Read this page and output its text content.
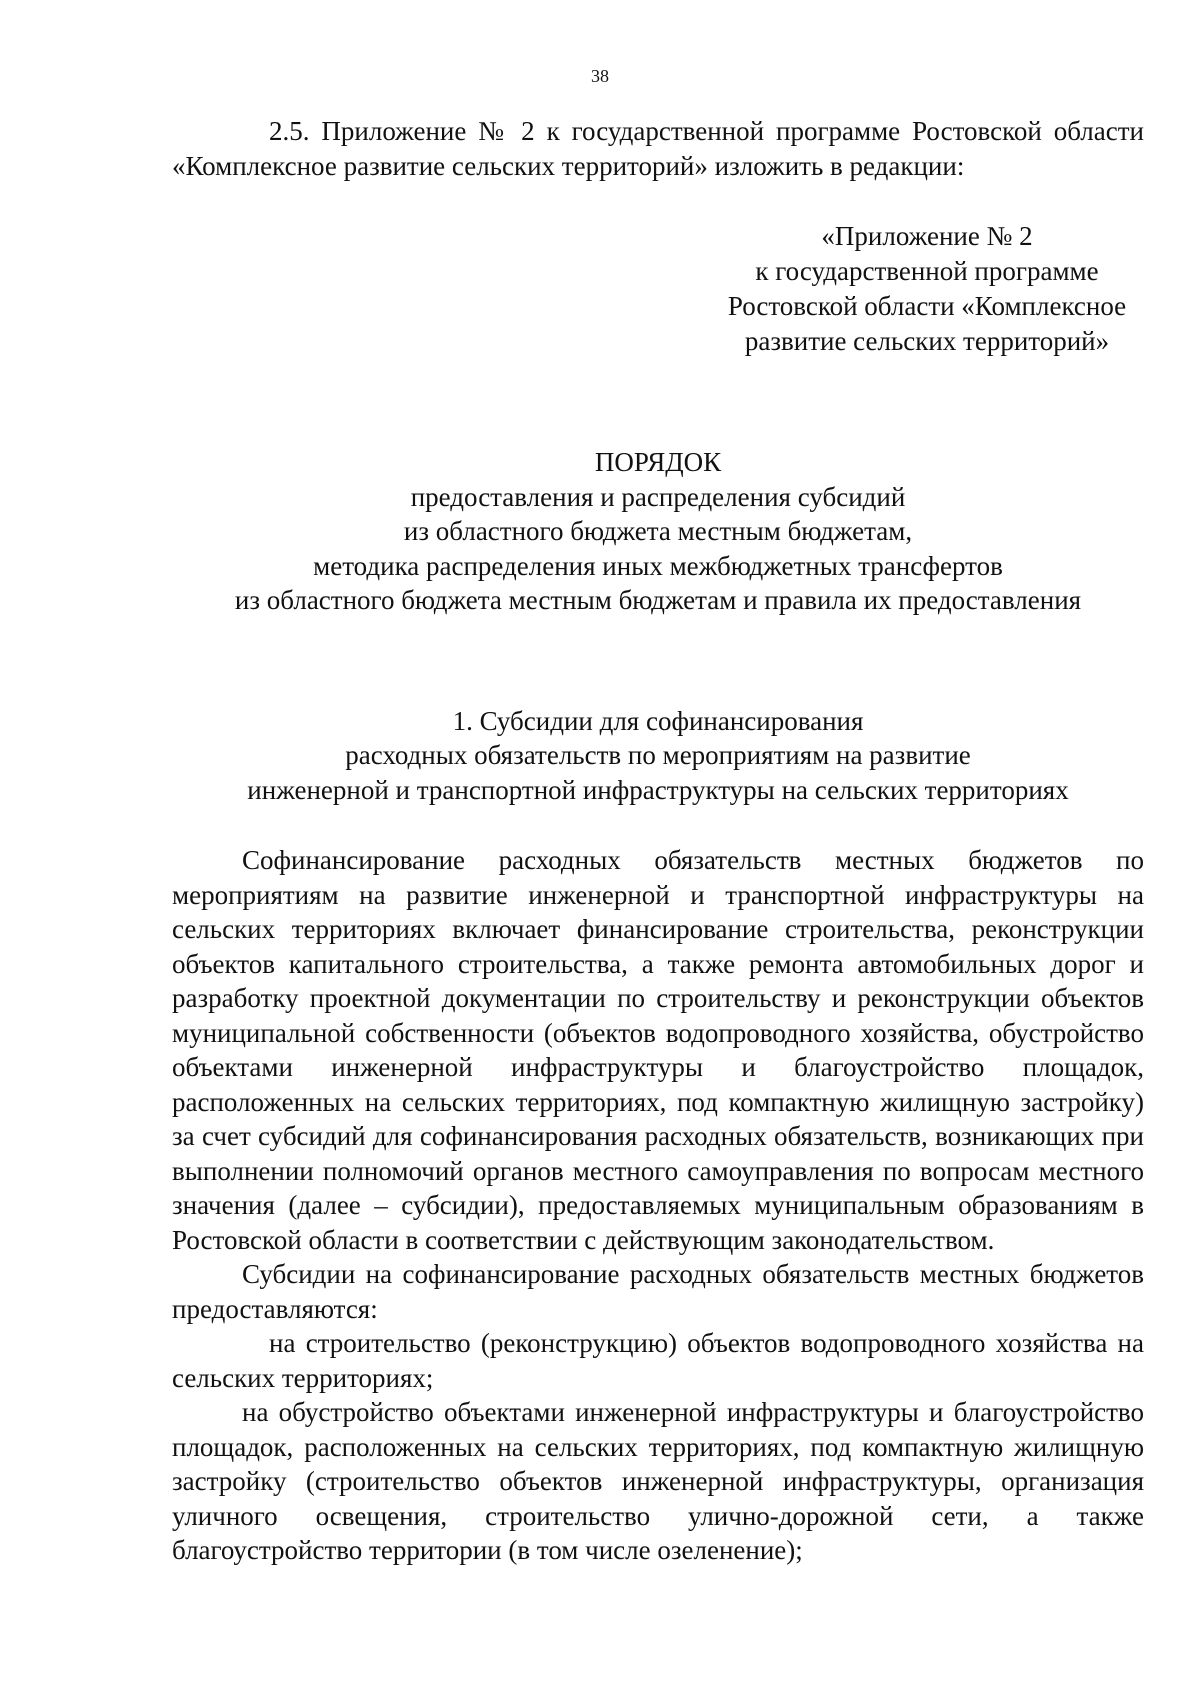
38

2.5. Приложение № 2 к государственной программе Ростовской области «Комплексное развитие сельских территорий» изложить в редакции:

«Приложение № 2
к государственной программе
Ростовской области «Комплексное
развитие сельских территорий»
ПОРЯДОК
предоставления и распределения субсидий
из областного бюджета местным бюджетам,
методика распределения иных межбюджетных трансфертов
из областного бюджета местным бюджетам и правила их предоставления
1. Субсидии для софинансирования
расходных обязательств по мероприятиям на развитие
инженерной и транспортной инфраструктуры на сельских территориях

Софинансирование расходных обязательств местных бюджетов по мероприятиям на развитие инженерной и транспортной инфраструктуры на сельских территориях включает финансирование строительства, реконструкции объектов капитального строительства, а также ремонта автомобильных дорог и разработку проектной документации по строительству и реконструкции объектов муниципальной собственности (объектов водопроводного хозяйства, обустройство объектами инженерной инфраструктуры и благоустройство площадок, расположенных на сельских территориях, под компактную жилищную застройку) за счет субсидий для софинансирования расходных обязательств, возникающих при выполнении полномочий органов местного самоуправления по вопросам местного значения (далее – субсидии), предоставляемых муниципальным образованиям в Ростовской области в соответствии с действующим законодательством.

Субсидии на софинансирование расходных обязательств местных бюджетов предоставляются:

на строительство (реконструкцию) объектов водопроводного хозяйства на сельских территориях;

на обустройство объектами инженерной инфраструктуры и благоустройство площадок, расположенных на сельских территориях, под компактную жилищную застройку (строительство объектов инженерной инфраструктуры, организация уличного освещения, строительство улично-дорожной сети, а также благоустройство территории (в том числе озеленение);
